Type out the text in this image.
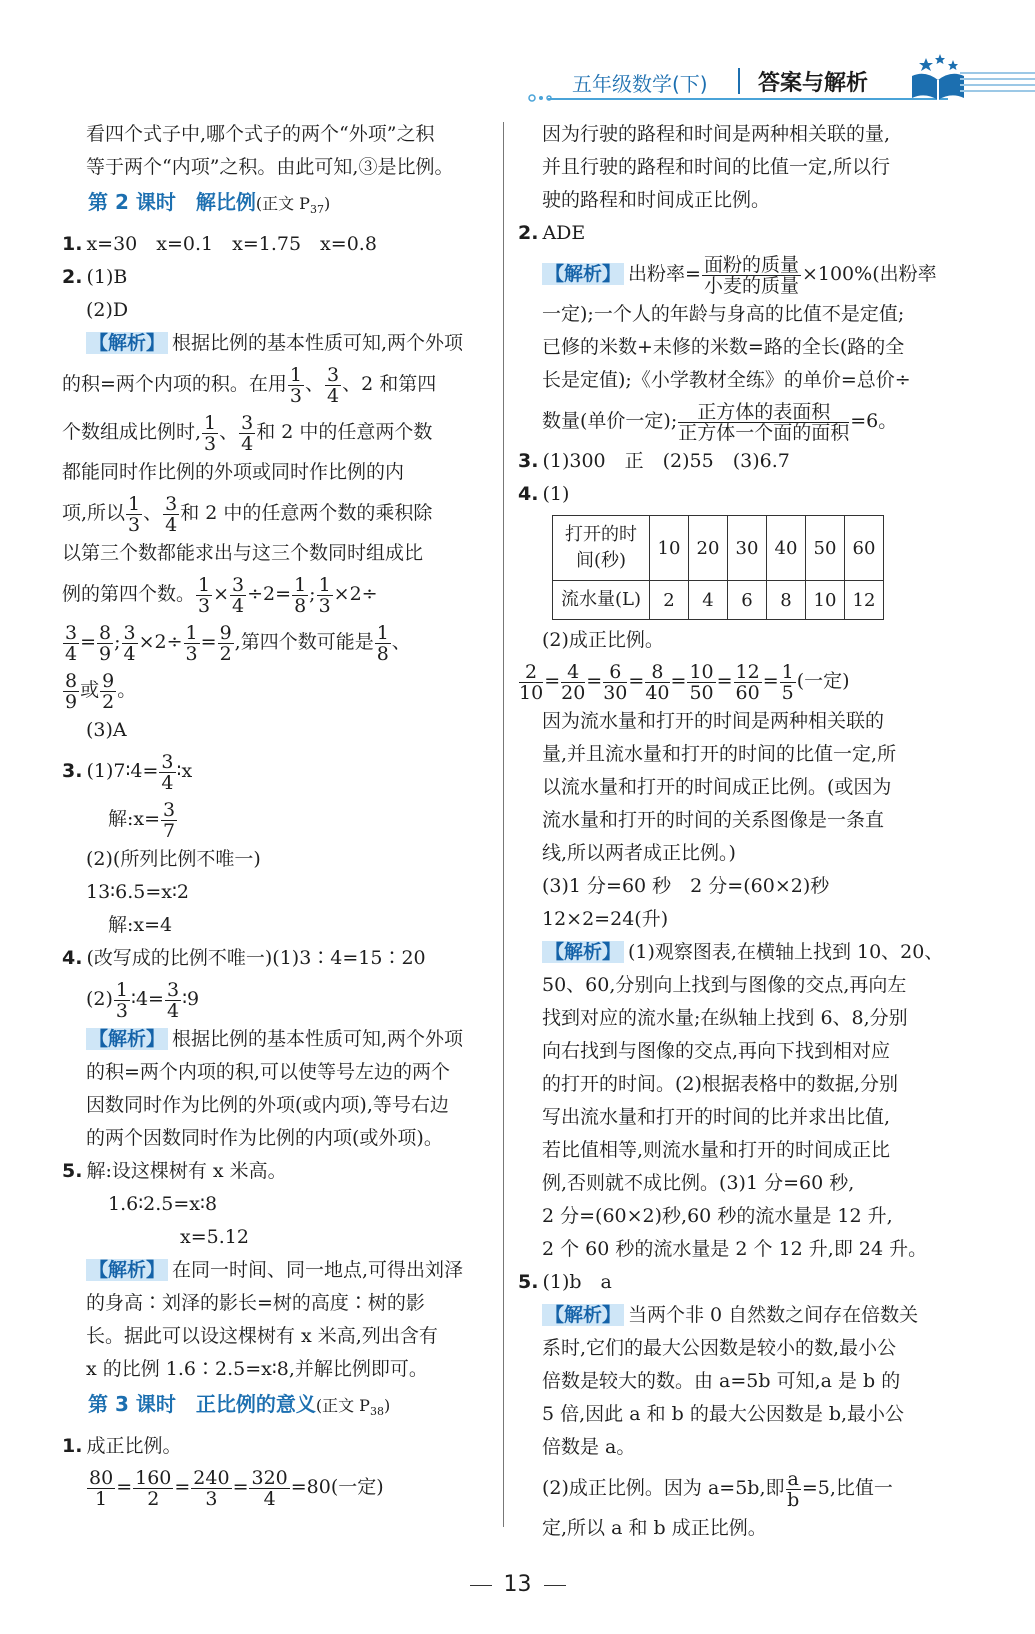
五年级数学(下) 答案与解析

看四个式子中,哪个式子的两个“外项”之积

等于两个“内项”之积。由此可知,③是比例。

第 2 课时　解比例(正文 $P_{37}$)

1. x=30　x=0.1　x=1.75　x=0.8

2. (1)B

(2)D

【解析】 根据比例的基本性质可知,两个外项

的积=两个内项的积。在用 $\frac{1}{3}$ 、 $\frac{3}{4}$ 、2 和第四

个数组成比例时, $\frac{1}{3}$ 、 $\frac{3}{4}$ 和 2 中的任意两个数

都能同时作比例的外项或同时作比例的内

项,所以 $\frac{1}{3}$ 、 $\frac{3}{4}$ 和 2 中的任意两个数的乘积除

以第三个数都能求出与这三个数同时组成比

例的第四个数。 $\frac{1}{3} \times \frac{3}{4} \div 2= \frac{1}{8}$ ; $\frac{1}{3} \times 2\div$

$\frac{3}{4} = \frac{8}{9}$ ; $\frac{3}{4} \times 2\div \frac{1}{3} = \frac{9}{2}$ ,第四个数可能是 $\frac{1}{8}$ 、

$\frac{8}{9}$ 或 $\frac{9}{2}$ 。

(3)A

3. (1)7∶4= $\frac{3}{4}$ ∶x

解:x= $\frac{3}{7}$

(2)(所列比例不唯一)

13∶6.5=x∶2

解:x=4

4. (改写成的比例不唯一)(1)3∶4=15∶20

$(2) \frac{1}{3}$ ∶4= $\frac{3}{4}$ ∶9

【解析】 根据比例的基本性质可知,两个外项

的积=两个内项的积,可以使等号左边的两个

因数同时作为比例的外项(或内项),等号右边

的两个因数同时作为比例的内项(或外项)。

5. 解:设这棵树有 x 米高。

1.6∶2.5=x∶8

x=5.12

【解析】 在同一时间、同一地点,可得出刘泽

的身高∶刘泽的影长=树的高度∶树的影

长。据此可以设这棵树有 x 米高,列出含有

x 的比例 1.6∶2.5=x∶8,并解比例即可。

第 3 课时　正比例的意义(正文 $P_{38}$)

1. 成正比例。

$\frac{80}{1} = \frac{160}{2} = \frac{240}{3} = \frac{320}{4} =80$(一定)

因为行驶的路程和时间是两种相关联的量,

并且行驶的路程和时间的比值一定,所以行

驶的路程和时间成正比例。

2. ADE

【解析】 出粉率= $\frac{\text{面粉的质量}}{\text{小麦的质量}} \times 100\%$(出粉率

一定);一个人的年龄与身高的比值不是定值;

已修的米数+未修的米数=路的全长(路的全

长是定值);《小学教材全练》的单价=总价÷

数量(单价一定); $\frac{\text{正方体的表面积}}{\text{正方体一个面的面积}} =6$。

3. (1)300　正　(2)55　(3)6.7

4. (1)

打开的时间(秒)	10	20	30	40	50	60
流水量(L)	2	4	6	8	10	12

(2)成正比例。

$\frac{2}{10} = \frac{4}{20} = \frac{6}{30} = \frac{8}{40} = \frac{10}{50} = \frac{12}{60} = \frac{1}{5}$ (一定)

因为流水量和打开的时间是两种相关联的

量,并且流水量和打开的时间的比值一定,所

以流水量和打开的时间成正比例。(或因为

流水量和打开的时间的关系图像是一条直

线,所以两者成正比例。)

(3)1 分=60 秒　2 分=(60×2)秒

12×2=24(升)

【解析】 (1)观察图表,在横轴上找到 10、20、

50、60,分别向上找到与图像的交点,再向左

找到对应的流水量;在纵轴上找到 6、8,分别

向右找到与图像的交点,再向下找到相对应

的打开的时间。(2)根据表格中的数据,分别

写出流水量和打开的时间的比并求出比值,

若比值相等,则流水量和打开的时间成正比

例,否则就不成比例。(3)1 分=60 秒,

2 分=(60×2)秒,60 秒的流水量是 12 升,

2 个 60 秒的流水量是 2 个 12 升,即 24 升。

5. (1)b　a

【解析】 当两个非 0 自然数之间存在倍数关

系时,它们的最大公因数是较小的数,最小公

倍数是较大的数。由 a=5b 可知,a 是 b 的

5 倍,因此 a 和 b 的最大公因数是 b,最小公

倍数是 a。

(2)成正比例。因为 a=5b,即 $\frac{a}{b} =5$,比值一

定,所以 a 和 b 成正比例。

13
